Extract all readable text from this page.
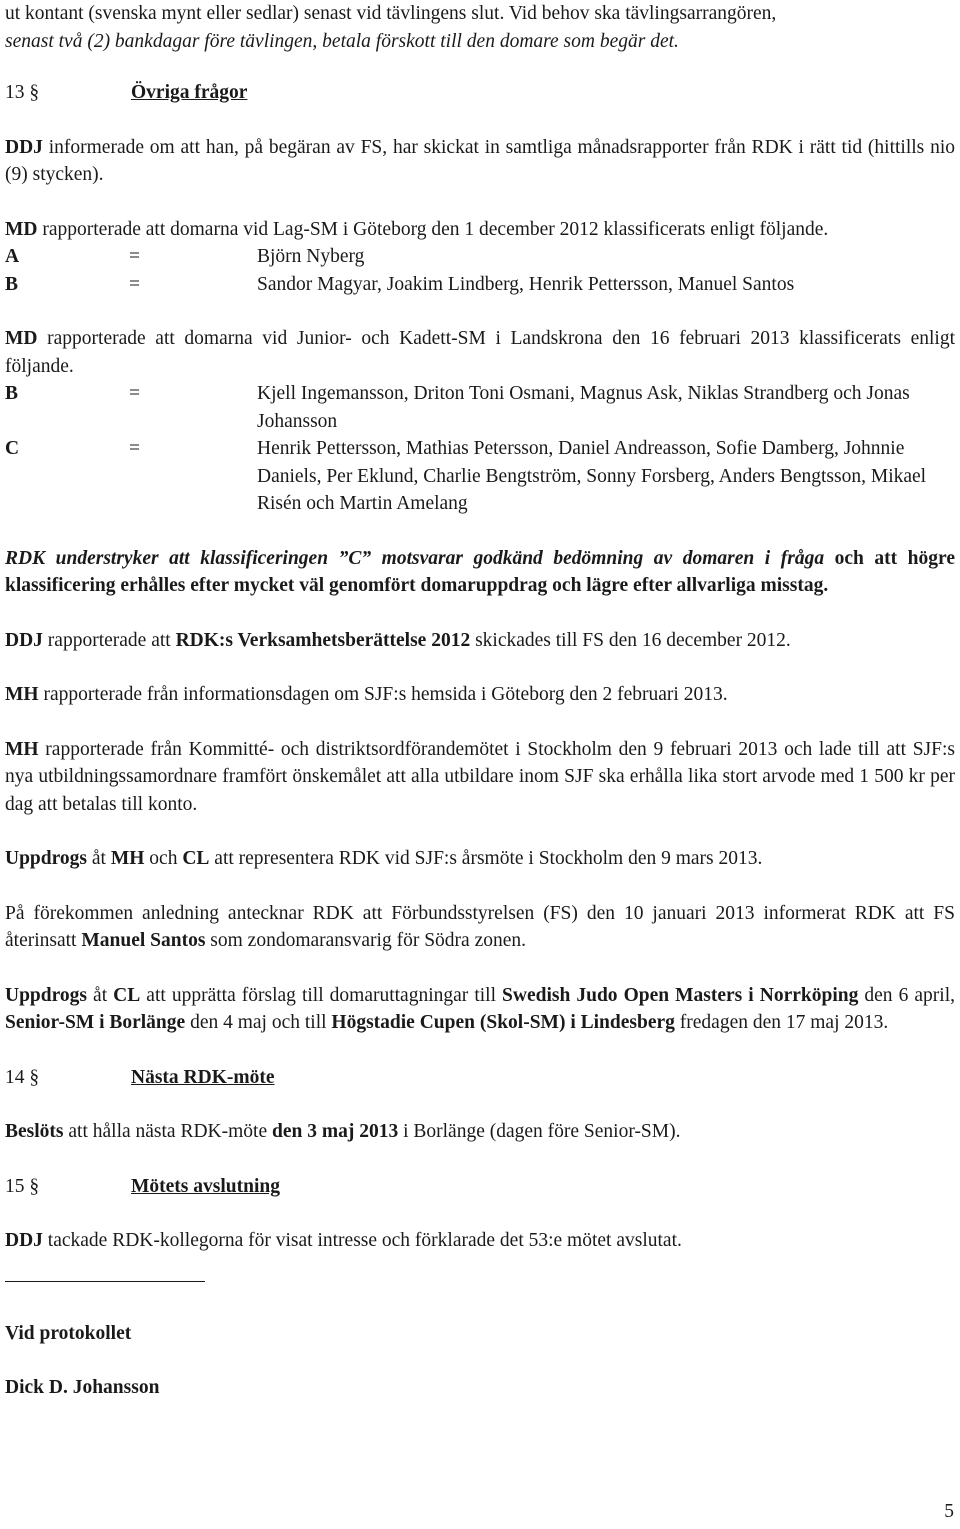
ut kontant (svenska mynt eller sedlar) senast vid tävlingens slut. Vid behov ska tävlingsarrangören,

senast två (2) bankdagar före tävlingen, betala förskott till den domare som begär det.

13 §	Övriga frågor

DDJ informerade om att han, på begäran av FS, har skickat in samtliga månadsrapporter från RDK i rätt tid (hittills nio (9) stycken).

MD rapporterade att domarna vid Lag-SM i Göteborg den 1 december 2012 klassificerats enligt följande.

A	=	Björn Nyberg
B	=	Sandor Magyar, Joakim Lindberg, Henrik Pettersson, Manuel Santos

MD rapporterade att domarna vid Junior- och Kadett-SM i Landskrona den 16 februari 2013 klassificerats enligt följande.

B	=	Kjell Ingemansson, Driton Toni Osmani, Magnus Ask, Niklas Strandberg och Jonas Johansson
C	=	Henrik Pettersson, Mathias Petersson, Daniel Andreasson, Sofie Damberg, Johnnie Daniels, Per Eklund, Charlie Bengtström, Sonny Forsberg, Anders Bengtsson, Mikael Risén och Martin Amelang

RDK understryker att klassificeringen ”C” motsvarar godkänd bedömning av domaren i fråga och att högre klassificering erhålles efter mycket väl genomfört domaruppdrag och lägre efter allvarliga misstag.

DDJ rapporterade att RDK:s Verksamhetsberättelse 2012 skickades till FS den 16 december 2012.

MH rapporterade från informationsdagen om SJF:s hemsida i Göteborg den 2 februari 2013.

MH rapporterade från Kommitté- och distriktsordförandemötet i Stockholm den 9 februari 2013 och lade till att SJF:s nya utbildningssamordnare framfört önskemålet att alla utbildare inom SJF ska erhålla lika stort arvode med 1 500 kr per dag att betalas till konto.

Uppdrogs åt MH och CL att representera RDK vid SJF:s årsmöte i Stockholm den 9 mars 2013.

På förekommen anledning antecknar RDK att Förbundsstyrelsen (FS) den 10 januari 2013 informerat RDK att FS återinsatt Manuel Santos som zondomaransvarig för Södra zonen.

Uppdrogs åt CL att upprätta förslag till domaruttagningar till Swedish Judo Open Masters i Norrköping den 6 april, Senior-SM i Borlänge den 4 maj och till Högstadie Cupen (Skol-SM) i Lindesberg fredagen den 17 maj 2013.

14 §	Nästa RDK-möte

Beslöts att hålla nästa RDK-möte den 3 maj 2013 i Borlänge (dagen före Senior-SM).

15 §	Mötets avslutning

DDJ tackade RDK-kollegorna för visat intresse och förklarade det 53:e mötet avslutat.

Vid protokollet

Dick D. Johansson

5
